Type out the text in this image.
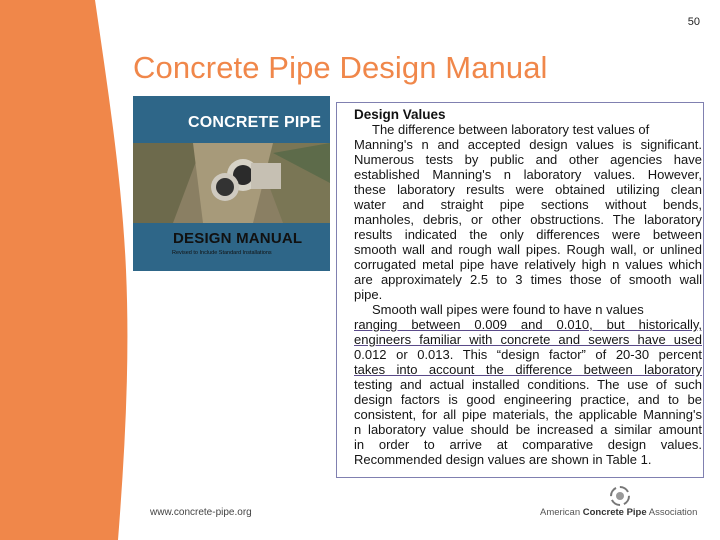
50
Concrete Pipe Design Manual
CONCRETE PIPE
DESIGN MANUAL
Revised to Include Standard Installations
Design Values
The difference between laboratory test values of
Manning's n and accepted design values is significant.
Numerous tests by public and other agencies have
established Manning's n laboratory values. However,
these laboratory results were obtained utilizing clean
water and straight pipe sections without bends,
manholes, debris, or other obstructions. The laboratory
results indicated the only differences were between
smooth wall and rough wall pipes. Rough wall, or unlined
corrugated metal pipe have relatively high n values which
are approximately 2.5 to 3 times those of smooth wall
pipe.
Smooth wall pipes were found to have n values
ranging between 0.009 and 0.010, but historically,
engineers familiar with concrete and sewers have used
0.012 or 0.013. This “design factor” of 20-30 percent
takes into account the difference between laboratory
testing and actual installed conditions. The use of such
design factors is good engineering practice, and to be
consistent, for all pipe materials, the applicable Manning's
n laboratory value should be increased a similar amount
in order to arrive at comparative design values.
Recommended design values are shown in Table 1.
www.concrete-pipe.org	American Concrete Pipe Association
